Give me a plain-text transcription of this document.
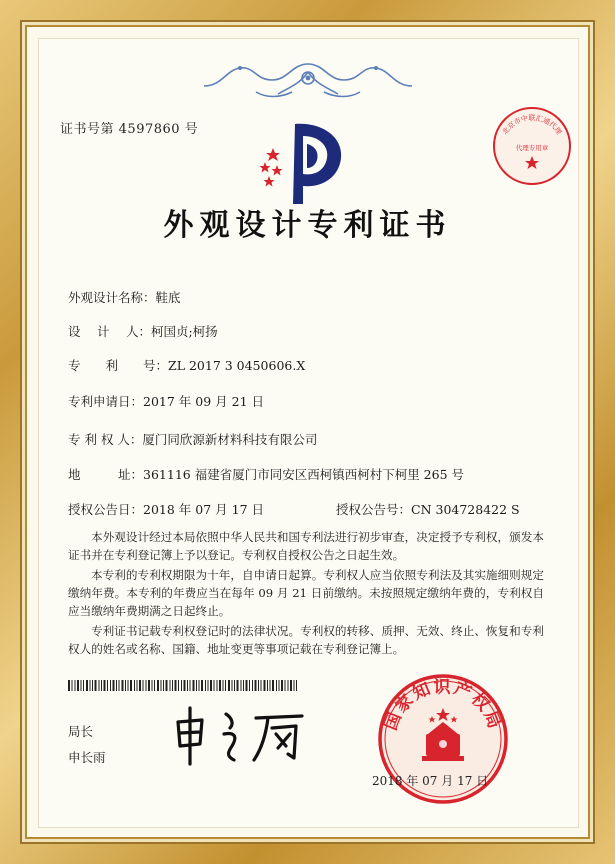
证书号第 4597860 号
外观设计专利证书
外观设计名称：鞋底
设　 计　 人：柯国贞;柯扬
专　　利　　号：ZL 2017 3 0450606.X
专利申请日：2017 年 09 月 21 日
专 利 权 人：厦门同欣源新材料科技有限公司
地　　　址：361116 福建省厦门市同安区西柯镇西柯村下柯里 265 号
授权公告日：2018 年 07 月 17 日	授权公告号：CN 304728422 S
本外观设计经过本局依照中华人民共和国专利法进行初步审查，决定授予专利权，颁发本证书并在专利登记簿上予以登记。专利权自授权公告之日起生效。
本专利的专利权期限为十年，自申请日起算。专利权人应当依照专利法及其实施细则规定缴纳年费。本专利的年费应当在每年 09 月 21 日前缴纳。未按照规定缴纳年费的，专利权自应当缴纳年费期满之日起终止。
专利证书记载专利权登记时的法律状况。专利权的转移、质押、无效、终止、恢复和专利权人的姓名或名称、国籍、地址变更等事项记载在专利登记簿上。
局长
申长雨
国家知识产权局
2018 年 07 月 17 日
北京市中联汇通代理
代理专用章
